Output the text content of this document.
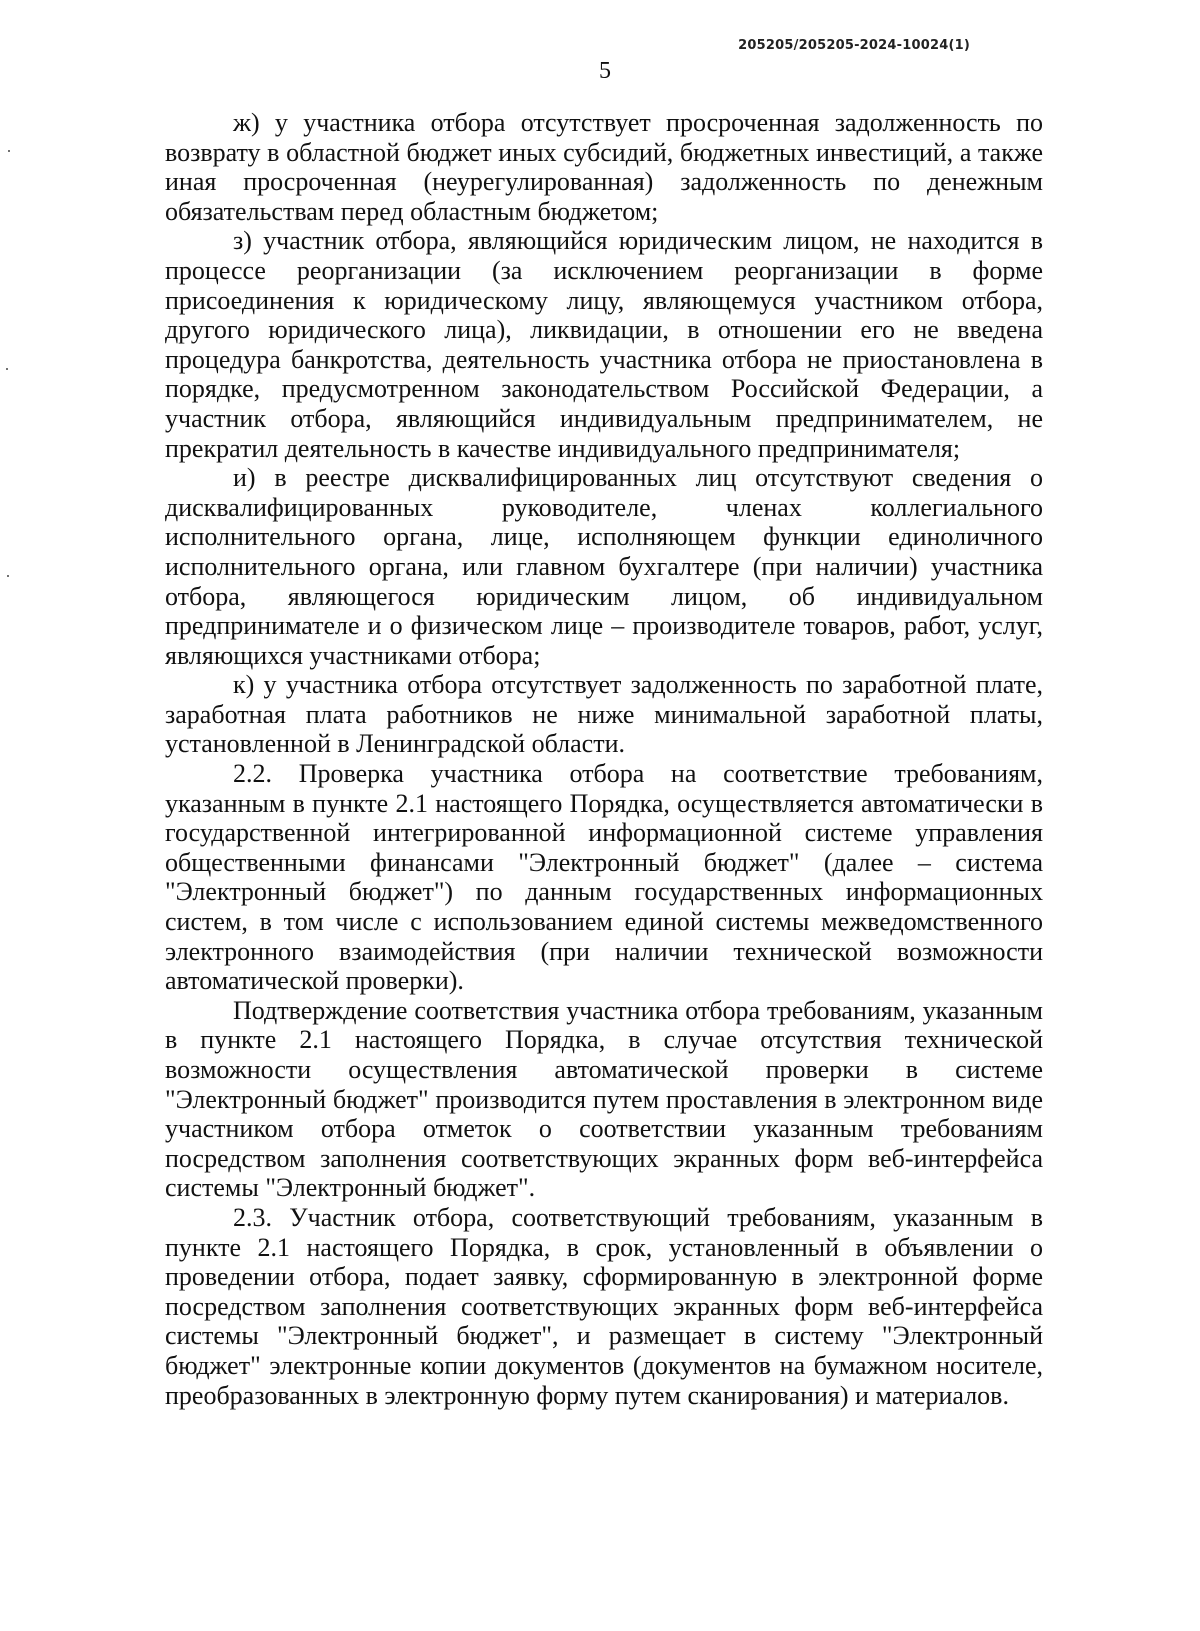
205205/205205-2024-10024(1)
5

ж) у участника отбора отсутствует просроченная задолженность по возврату в областной бюджет иных субсидий, бюджетных инвестиций, а также иная просроченная (неурегулированная) задолженность по денежным обязательствам перед областным бюджетом;

з) участник отбора, являющийся юридическим лицом, не находится в процессе реорганизации (за исключением реорганизации в форме присоединения к юридическому лицу, являющемуся участником отбора, другого юридического лица), ликвидации, в отношении его не введена процедура банкротства, деятельность участника отбора не приостановлена в порядке, предусмотренном законодательством Российской Федерации, а участник отбора, являющийся индивидуальным предпринимателем, не прекратил деятельность в качестве индивидуального предпринимателя;

и) в реестре дисквалифицированных лиц отсутствуют сведения о дисквалифицированных руководителе, членах коллегиального исполнительного органа, лице, исполняющем функции единоличного исполнительного органа, или главном бухгалтере (при наличии) участника отбора, являющегося юридическим лицом, об индивидуальном предпринимателе и о физическом лице – производителе товаров, работ, услуг, являющихся участниками отбора;

к) у участника отбора отсутствует задолженность по заработной плате, заработная плата работников не ниже минимальной заработной платы, установленной в Ленинградской области.

2.2. Проверка участника отбора на соответствие требованиям, указанным в пункте 2.1 настоящего Порядка, осуществляется автоматически в государственной интегрированной информационной системе управления общественными финансами "Электронный бюджет" (далее – система "Электронный бюджет") по данным государственных информационных систем, в том числе с использованием единой системы межведомственного электронного взаимодействия (при наличии технической возможности автоматической проверки).

Подтверждение соответствия участника отбора требованиям, указанным в пункте 2.1 настоящего Порядка, в случае отсутствия технической возможности осуществления автоматической проверки в системе "Электронный бюджет" производится путем проставления в электронном виде участником отбора отметок о соответствии указанным требованиям посредством заполнения соответствующих экранных форм веб-интерфейса системы "Электронный бюджет".

2.3. Участник отбора, соответствующий требованиям, указанным в пункте 2.1 настоящего Порядка, в срок, установленный в объявлении о проведении отбора, подает заявку, сформированную в электронной форме посредством заполнения соответствующих экранных форм веб-интерфейса системы "Электронный бюджет", и размещает в систему "Электронный бюджет" электронные копии документов (документов на бумажном носителе, преобразованных в электронную форму путем сканирования) и материалов.
